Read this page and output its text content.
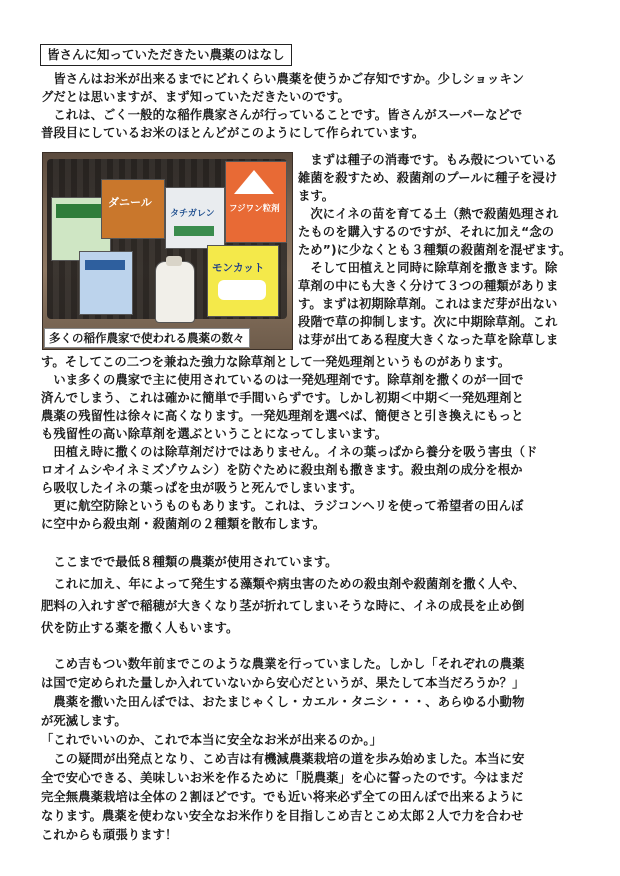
皆さんに知っていただきたい農薬のはなし
ダニール
タチガレン フジワン粒剤
モンカット
多くの稲作農家で使われる農薬の数々
　皆さんはお米が出来るまでにどれくらい農薬を使うかご存知ですか。少しショッキン
グだとは思いますが、まず知っていただきたいのです。
　これは、ごく一般的な稲作農家さんが行っていることです。皆さんがスーパーなどで
普段目にしているお米のほとんどがこのようにして作られています。
　まずは種子の消毒です。もみ殻についている
雑菌を殺すため、殺菌剤のプールに種子を浸け
ます。
　次にイネの苗を育てる土（熱で殺菌処理され
たものを購入するのですが、それに加え“念の
ため”)に少なくとも３種類の殺菌剤を混ぜます。
　そして田植えと同時に除草剤を撒きます。除
草剤の中にも大きく分けて３つの種類がありま
す。まずは初期除草剤。これはまだ芽が出ない
段階で草の抑制します。次に中期除草剤。これ
は芽が出てある程度大きくなった草を除草しま
す。そしてこの二つを兼ねた強力な除草剤として一発処理剤というものがあります。
　いま多くの農家で主に使用されているのは一発処理剤です。除草剤を撒くのが一回で
済んでしまう、これは確かに簡単で手間いらずです。しかし初期＜中期＜一発処理剤と
農薬の残留性は徐々に高くなります。一発処理剤を選べば、簡便さと引き換えにもっと
も残留性の高い除草剤を選ぶということになってしまいます。
　田植え時に撒くのは除草剤だけではありません。イネの葉っぱから養分を吸う害虫（ド
ロオイムシやイネミズゾウムシ）を防ぐために殺虫剤も撒きます。殺虫剤の成分を根か
ら吸収したイネの葉っぱを虫が吸うと死んでしまいます。
　更に航空防除というものもあります。これは、ラジコンヘリを使って希望者の田んぼ
に空中から殺虫剤・殺菌剤の２種類を散布します。
　ここまでで最低８種類の農薬が使用されています。
　これに加え、年によって発生する藻類や病虫害のための殺虫剤や殺菌剤を撒く人や、
肥料の入れすぎで稲穂が大きくなり茎が折れてしまいそうな時に、イネの成長を止め倒
伏を防止する薬を撒く人もいます。
　こめ吉もつい数年前までこのような農業を行っていました。しかし「それぞれの農薬
は国で定められた量しか入れていないから安心だというが、果たして本当だろうか？」
　農薬を撒いた田んぼでは、おたまじゃくし・カエル・タニシ・・・、あらゆる小動物
が死滅します。
「これでいいのか、これで本当に安全なお米が出来るのか。」
　この疑問が出発点となり、こめ吉は有機減農薬栽培の道を歩み始めました。本当に安
全で安心できる、美味しいお米を作るために「脱農薬」を心に誓ったのです。今はまだ
完全無農薬栽培は全体の２割ほどです。でも近い将来必ず全ての田んぼで出来るように
なります。農薬を使わない安全なお米作りを目指しこめ吉とこめ太郎２人で力を合わせ
これからも頑張ります！
